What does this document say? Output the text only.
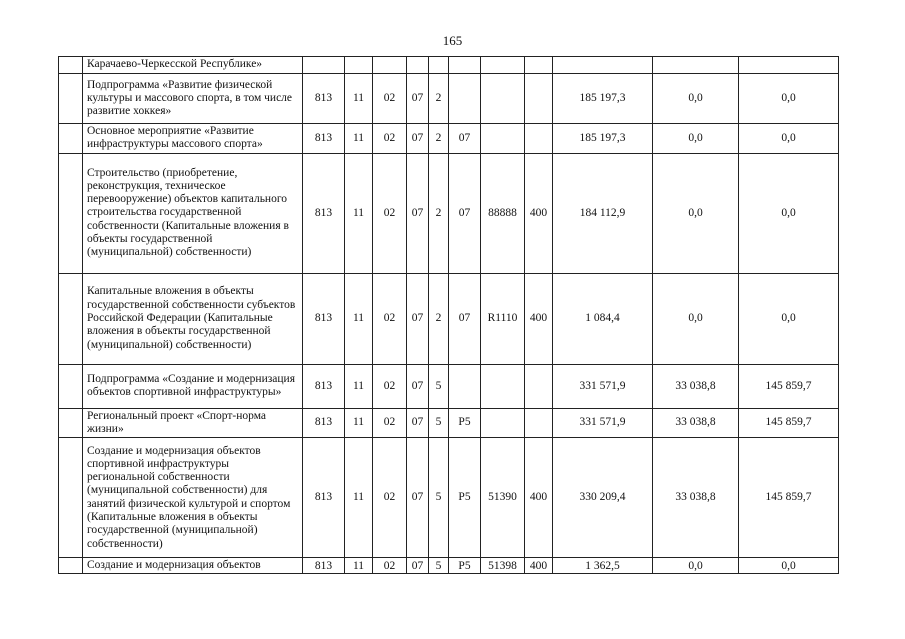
165
	Карачаево-Черкесской Республике»											
	Подпрограмма «Развитие физической культуры и массового спорта, в том числе развитие хоккея»	813	11	02	07	2				185 197,3	0,0	0,0
	Основное мероприятие «Развитие инфраструктуры массового спорта»	813	11	02	07	2	07			185 197,3	0,0	0,0
	Строительство (приобретение, реконструкция, техническое перевооружение) объектов капитального строительства государственной собственности (Капитальные вложения в объекты государственной (муниципальной) собственности)	813	11	02	07	2	07	88888	400	184 112,9	0,0	0,0
	Капитальные вложения в объекты государственной собственности субъектов Российской Федерации (Капитальные вложения в объекты государственной (муниципальной) собственности)	813	11	02	07	2	07	R1110	400	1 084,4	0,0	0,0
	Подпрограмма «Создание и модернизация объектов спортивной инфраструктуры»	813	11	02	07	5				331 571,9	33 038,8	145 859,7
	Региональный проект «Спорт-норма жизни»	813	11	02	07	5	P5			331 571,9	33 038,8	145 859,7
	Создание и модернизация объектов спортивной инфраструктуры региональной собственности (муниципальной собственности) для занятий физической культурой и спортом (Капитальные вложения в объекты государственной (муниципальной) собственности)	813	11	02	07	5	P5	51390	400	330 209,4	33 038,8	145 859,7
	Создание и модернизация объектов	813	11	02	07	5	P5	51398	400	1 362,5	0,0	0,0
